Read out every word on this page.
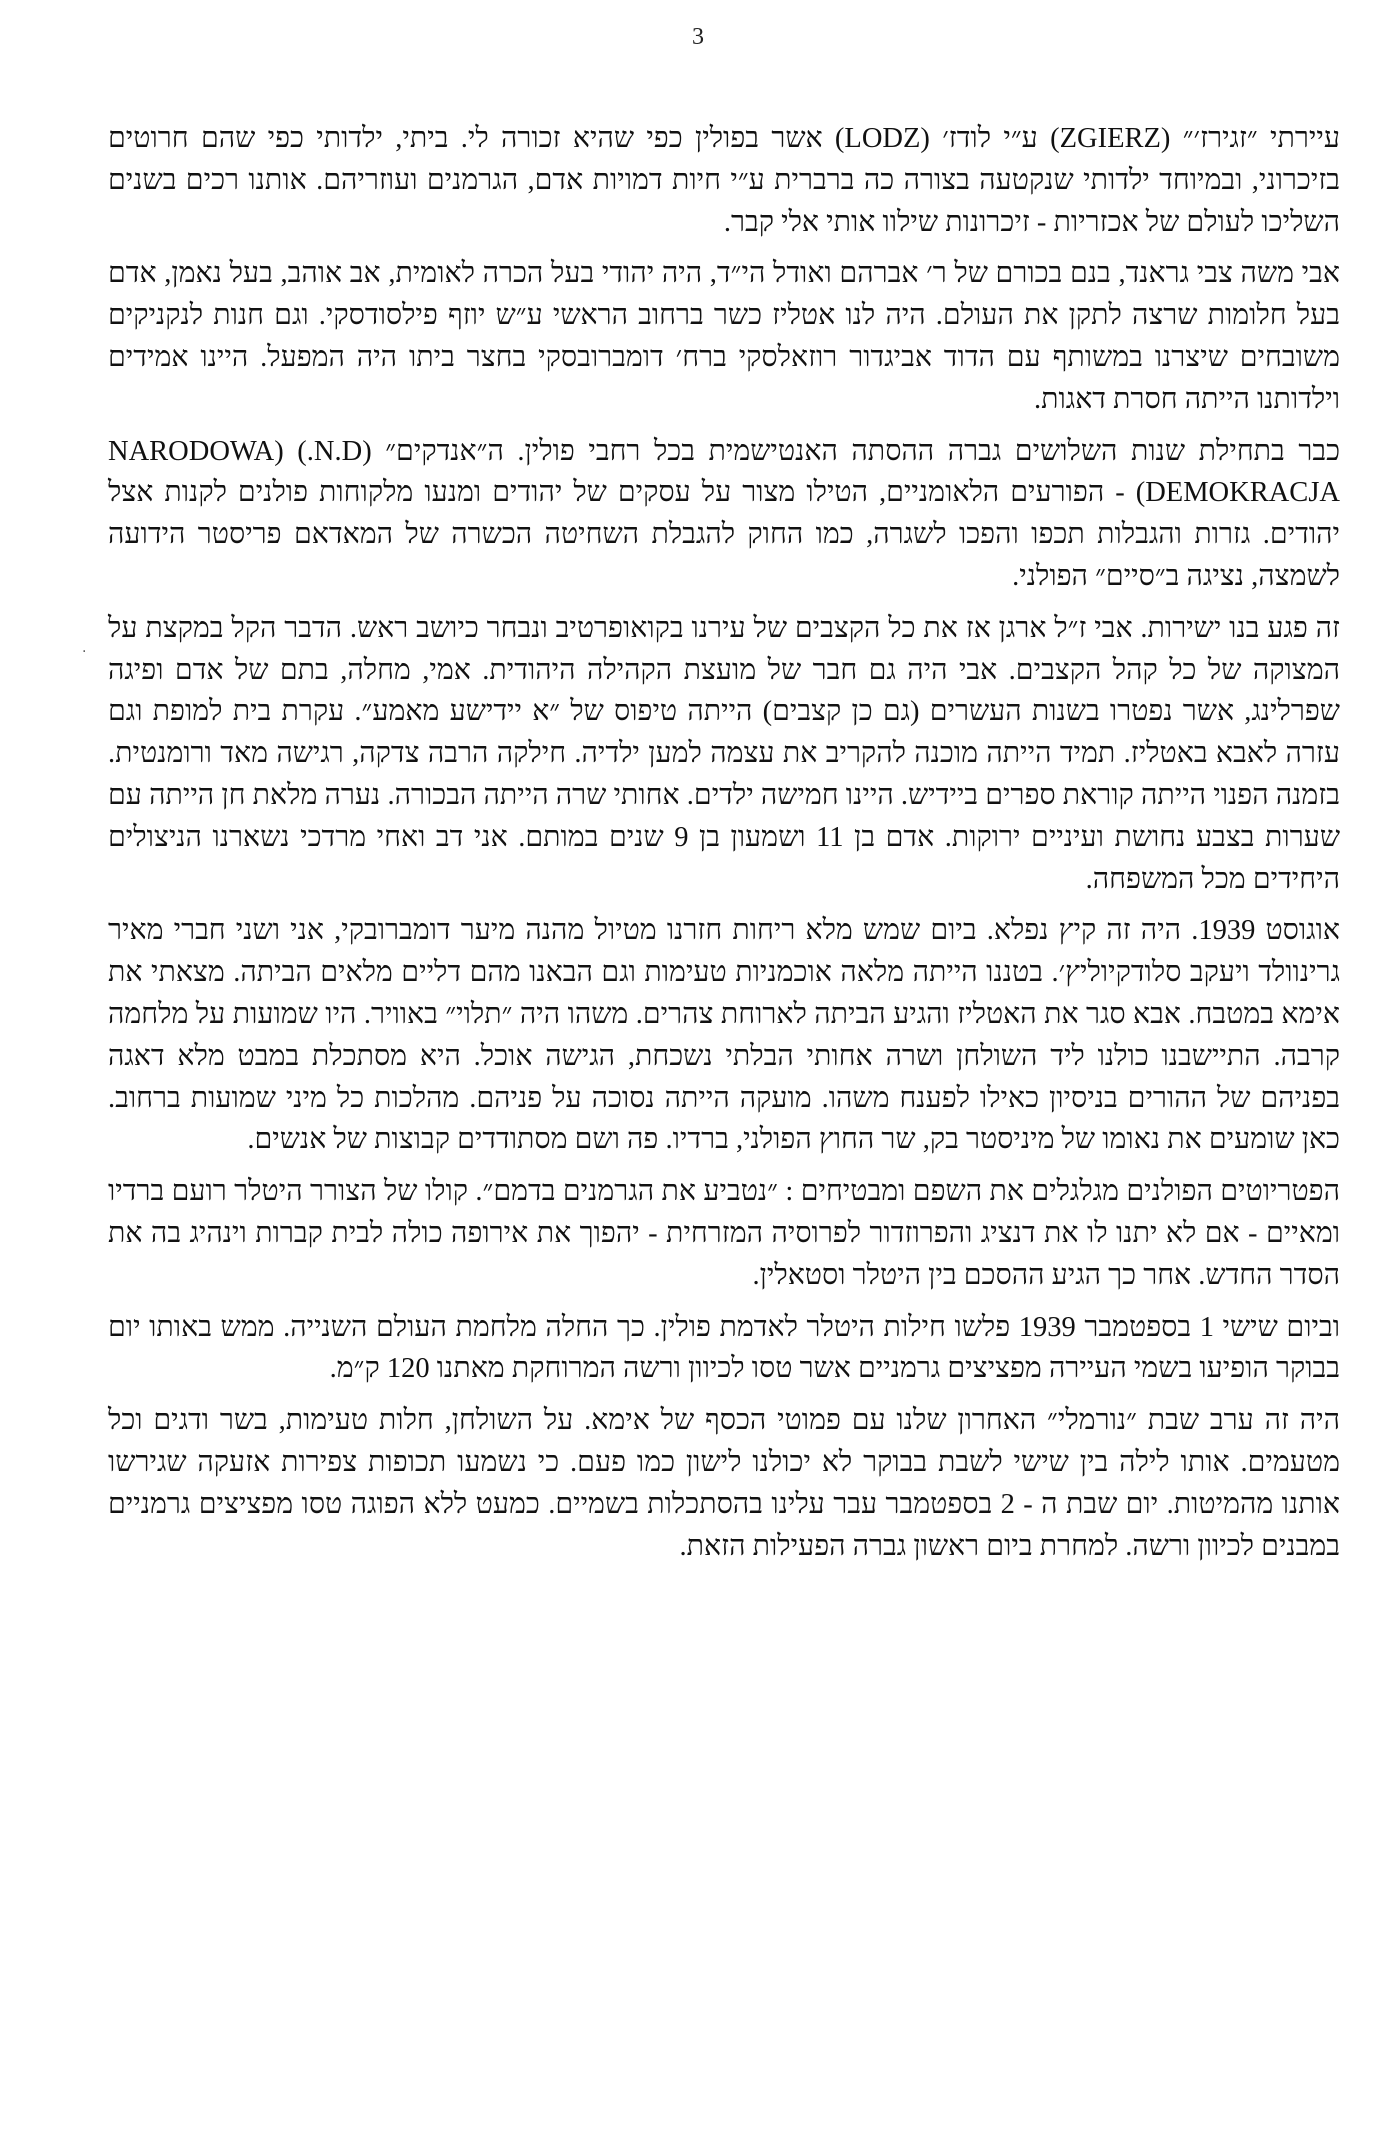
3

עיירתי ״זגירז׳״ (ZGIERZ) ע״י לודז׳ (LODZ) אשר בפולין כפי שהיא זכורה לי. ביתי, ילדותי כפי שהם חרוטים בזיכרוני, ובמיוחד ילדותי שנקטעה בצורה כה ברברית ע״י חיות דמויות אדם, הגרמנים ועוזריהם. אותנו רכים בשנים השליכו לעולם של אכזריות - זיכרונות שילוו אותי אלי קבר.

אבי משה צבי גראנד, בנם בכורם של ר׳ אברהם ואודל הי״ד, היה יהודי בעל הכרה לאומית, אב אוהב, בעל נאמן, אדם בעל חלומות שרצה לתקן את העולם. היה לנו אטליז כשר ברחוב הראשי ע״ש יוזף פילסודסקי. וגם חנות לנקניקים משובחים שיצרנו במשותף עם הדוד אביגדור רוזאלסקי ברח׳ דומברובסקי בחצר ביתו היה המפעל. היינו אמידים וילדותנו הייתה חסרת דאגות.

כבר בתחילת שנות השלושים גברה ההסתה האנטישמית בכל רחבי פולין. ה״אנדקים״ (N.D.) (NARODOWA DEMOKRACJA) - הפורעים הלאומניים, הטילו מצור על עסקים של יהודים ומנעו מלקוחות פולנים לקנות אצל יהודים. גזרות והגבלות תכפו והפכו לשגרה, כמו החוק להגבלת השחיטה הכשרה של המאדאם פריסטר הידועה לשמצה, נציגה ב״סיים״ הפולני.

זה פגע בנו ישירות. אבי ז״ל ארגן אז את כל הקצבים של עירנו בקואופרטיב ונבחר כיושב ראש. הדבר הקל במקצת על המצוקה של כל קהל הקצבים. אבי היה גם חבר של מועצת הקהילה היהודית. אמי, מחלה, בתם של אדם ופיגה שפרלינג, אשר נפטרו בשנות העשרים (גם כן קצבים) הייתה טיפוס של ״א יידישע מאמע״. עקרת בית למופת וגם עזרה לאבא באטליז. תמיד הייתה מוכנה להקריב את עצמה למען ילדיה. חילקה הרבה צדקה, רגישה מאד ורומנטית. בזמנה הפנוי הייתה קוראת ספרים ביידיש. היינו חמישה ילדים. אחותי שרה הייתה הבכורה. נערה מלאת חן הייתה עם שערות בצבע נחושת ועיניים ירוקות. אדם בן 11 ושמעון בן 9 שנים במותם. אני דב ואחי מרדכי נשארנו הניצולים היחידים מכל המשפחה.

אוגוסט 1939. היה זה קיץ נפלא. ביום שמש מלא ריחות חזרנו מטיול מהנה מיער דומברובקי, אני ושני חברי מאיר גרינוולד ויעקב סלודקיוליץ׳. בטננו הייתה מלאה אוכמניות טעימות וגם הבאנו מהם דליים מלאים הביתה. מצאתי את אימא במטבח. אבא סגר את האטליז והגיע הביתה לארוחת צהרים. משהו היה ״תלוי״ באוויר. היו שמועות על מלחמה קרבה. התיישבנו כולנו ליד השולחן ושרה אחותי הבלתי נשכחת, הגישה אוכל. היא מסתכלת במבט מלא דאגה בפניהם של ההורים בניסיון כאילו לפענח משהו. מועקה הייתה נסוכה על פניהם. מהלכות כל מיני שמועות ברחוב. כאן שומעים את נאומו של מיניסטר בק, שר החוץ הפולני, ברדיו. פה ושם מסתודדים קבוצות של אנשים.

הפטריוטים הפולנים מגלגלים את השפם ומבטיחים : ״נטביע את הגרמנים בדמם״. קולו של הצורר היטלר רועם ברדיו ומאיים - אם לא יתנו לו את דנציג והפרוזדור לפרוסיה המזרחית - יהפוך את אירופה כולה לבית קברות וינהיג בה את הסדר החדש. אחר כך הגיע ההסכם בין היטלר וסטאלין.

וביום שישי 1 בספטמבר 1939 פלשו חילות היטלר לאדמת פולין. כך החלה מלחמת העולם השנייה. ממש באותו יום בבוקר הופיעו בשמי העיירה מפציצים גרמניים אשר טסו לכיוון ורשה המרוחקת מאתנו 120 ק״מ.

היה זה ערב שבת ״נורמלי״ האחרון שלנו עם פמוטי הכסף של אימא. על השולחן, חלות טעימות, בשר ודגים וכל מטעמים. אותו לילה בין שישי לשבת בבוקר לא יכולנו לישון כמו פעם. כי נשמעו תכופות צפירות אזעקה שגירשו אותנו מהמיטות. יום שבת ה - 2 בספטמבר עבר עלינו בהסתכלות בשמיים. כמעט ללא הפוגה טסו מפציצים גרמניים במבנים לכיוון ורשה. למחרת ביום ראשון גברה הפעילות הזאת.

.
